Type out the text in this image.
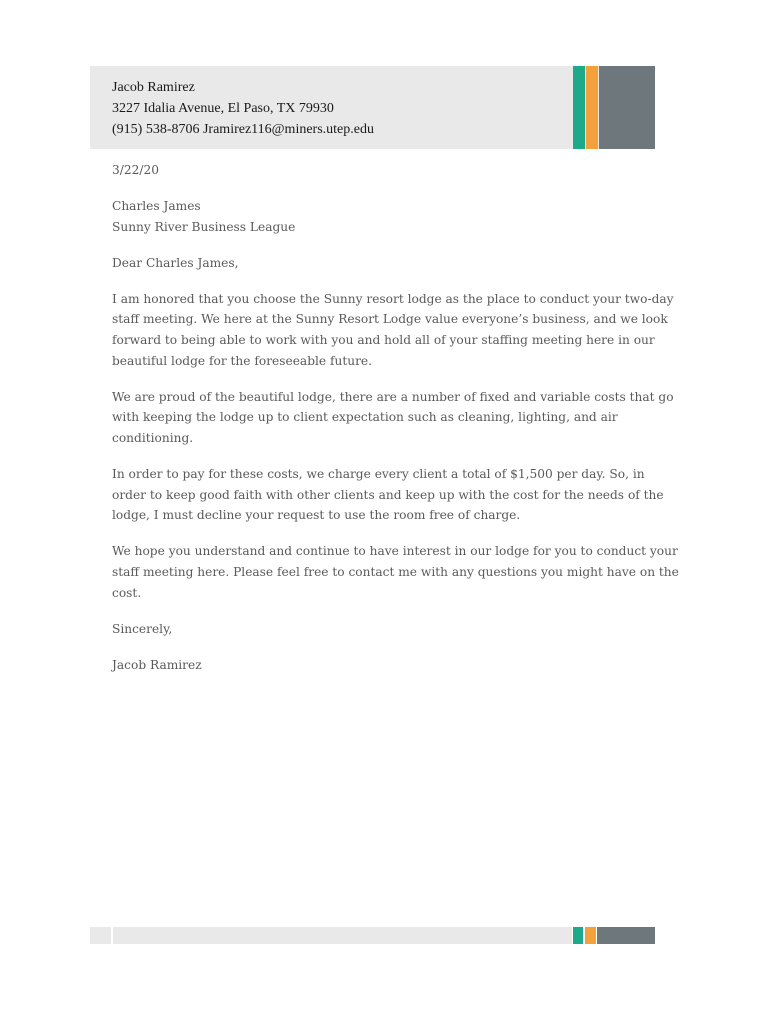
Jacob Ramirez
3227 Idalia Avenue, El Paso, TX 79930
(915) 538-8706 Jramirez116@miners.utep.edu

3/22/20

Charles James
Sunny River Business League

Dear Charles James,

I am honored that you choose the Sunny resort lodge as the place to conduct your two-day staff meeting. We here at the Sunny Resort Lodge value everyone’s business, and we look forward to being able to work with you and hold all of your staffing meeting here in our beautiful lodge for the foreseeable future.

We are proud of the beautiful lodge, there are a number of fixed and variable costs that go with keeping the lodge up to client expectation such as cleaning, lighting, and air conditioning.

In order to pay for these costs, we charge every client a total of $1,500 per day. So, in order to keep good faith with other clients and keep up with the cost for the needs of the lodge, I must decline your request to use the room free of charge.

We hope you understand and continue to have interest in our lodge for you to conduct your staff meeting here. Please feel free to contact me with any questions you might have on the cost.

Sincerely,

Jacob Ramirez
